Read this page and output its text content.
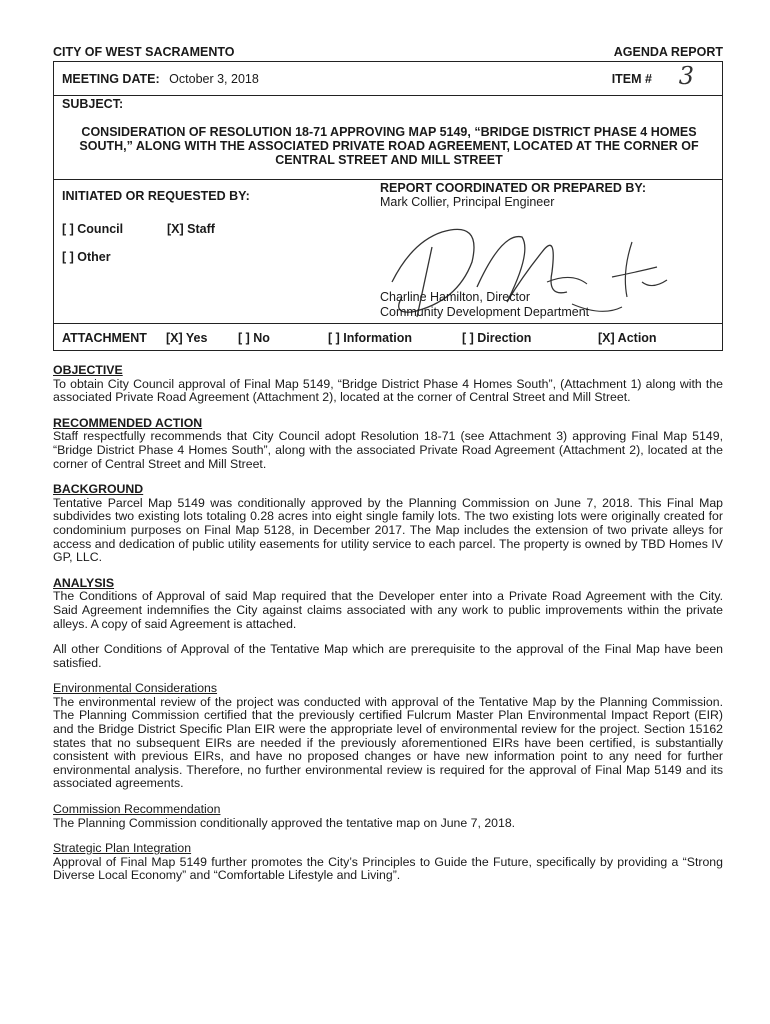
CITY OF WEST SACRAMENTO	AGENDA REPORT
MEETING DATE: October 3, 2018	ITEM # 3
SUBJECT:
CONSIDERATION OF RESOLUTION 18-71 APPROVING MAP 5149, “BRIDGE DISTRICT PHASE 4 HOMES SOUTH,” ALONG WITH THE ASSOCIATED PRIVATE ROAD AGREEMENT, LOCATED AT THE CORNER OF CENTRAL STREET AND MILL STREET
INITIATED OR REQUESTED BY:
REPORT COORDINATED OR PREPARED BY:
Mark Collier, Principal Engineer
[ ] Council	[X] Staff
[ ] Other
Charline Hamilton, Director
Community Development Department
ATTACHMENT [X] Yes [ ] No	[ ] Information	[ ] Direction	[X] Action
OBJECTIVE

To obtain City Council approval of Final Map 5149, “Bridge District Phase 4 Homes South”, (Attachment 1) along with the associated Private Road Agreement (Attachment 2), located at the corner of Central Street and Mill Street.

RECOMMENDED ACTION

Staff respectfully recommends that City Council adopt Resolution 18-71 (see Attachment 3) approving Final Map 5149, “Bridge District Phase 4 Homes South”, along with the associated Private Road Agreement (Attachment 2), located at the corner of Central Street and Mill Street.

BACKGROUND

Tentative Parcel Map 5149 was conditionally approved by the Planning Commission on June 7, 2018. This Final Map subdivides two existing lots totaling 0.28 acres into eight single family lots. The two existing lots were originally created for condominium purposes on Final Map 5128, in December 2017. The Map includes the extension of two private alleys for access and dedication of public utility easements for utility service to each parcel. The property is owned by TBD Homes IV GP, LLC.

ANALYSIS

The Conditions of Approval of said Map required that the Developer enter into a Private Road Agreement with the City. Said Agreement indemnifies the City against claims associated with any work to public improvements within the private alleys. A copy of said Agreement is attached.

All other Conditions of Approval of the Tentative Map which are prerequisite to the approval of the Final Map have been satisfied.

Environmental Considerations

The environmental review of the project was conducted with approval of the Tentative Map by the Planning Commission. The Planning Commission certified that the previously certified Fulcrum Master Plan Environmental Impact Report (EIR) and the Bridge District Specific Plan EIR were the appropriate level of environmental review for the project. Section 15162 states that no subsequent EIRs are needed if the previously aforementioned EIRs have been certified, is substantially consistent with previous EIRs, and have no proposed changes or have new information point to any need for further environmental analysis. Therefore, no further environmental review is required for the approval of Final Map 5149 and its associated agreements.

Commission Recommendation

The Planning Commission conditionally approved the tentative map on June 7, 2018.

Strategic Plan Integration

Approval of Final Map 5149 further promotes the City’s Principles to Guide the Future, specifically by providing a “Strong Diverse Local Economy” and “Comfortable Lifestyle and Living”.
